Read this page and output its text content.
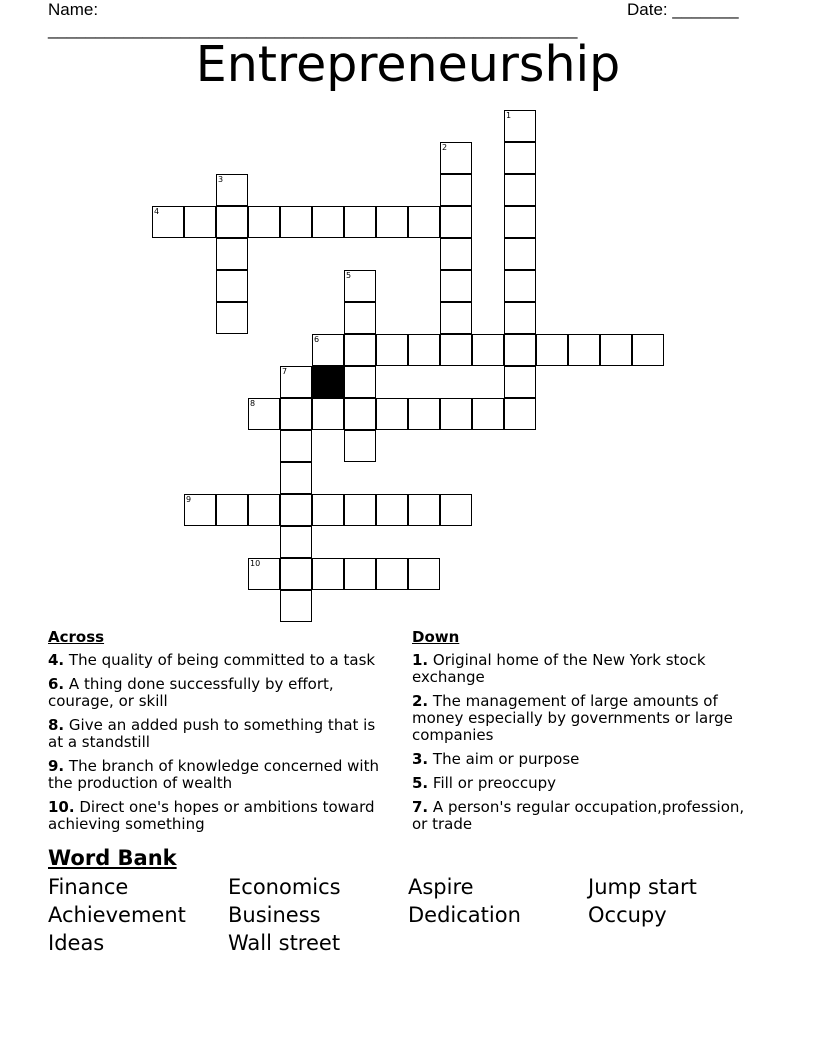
Name: ________________________________________________________
Date: _______
Entrepreneurship
1
2
3
4
5
6
7
8
9
10
Across
4. The quality of being committed to a task
6. A thing done successfully by effort, courage, or skill
8. Give an added push to something that is at a standstill
9. The branch of knowledge concerned with the production of wealth
10. Direct one's hopes or ambitions toward achieving something
Down
1. Original home of the New York stock exchange
2. The management of large amounts of money especially by governments or large companies
3. The aim or purpose
5. Fill or preoccupy
7. A person's regular occupation,profession, or trade
Word Bank
Finance	Economics	Aspire	Jump start
Achievement	Business	Dedication	Occupy
Ideas	Wall street
